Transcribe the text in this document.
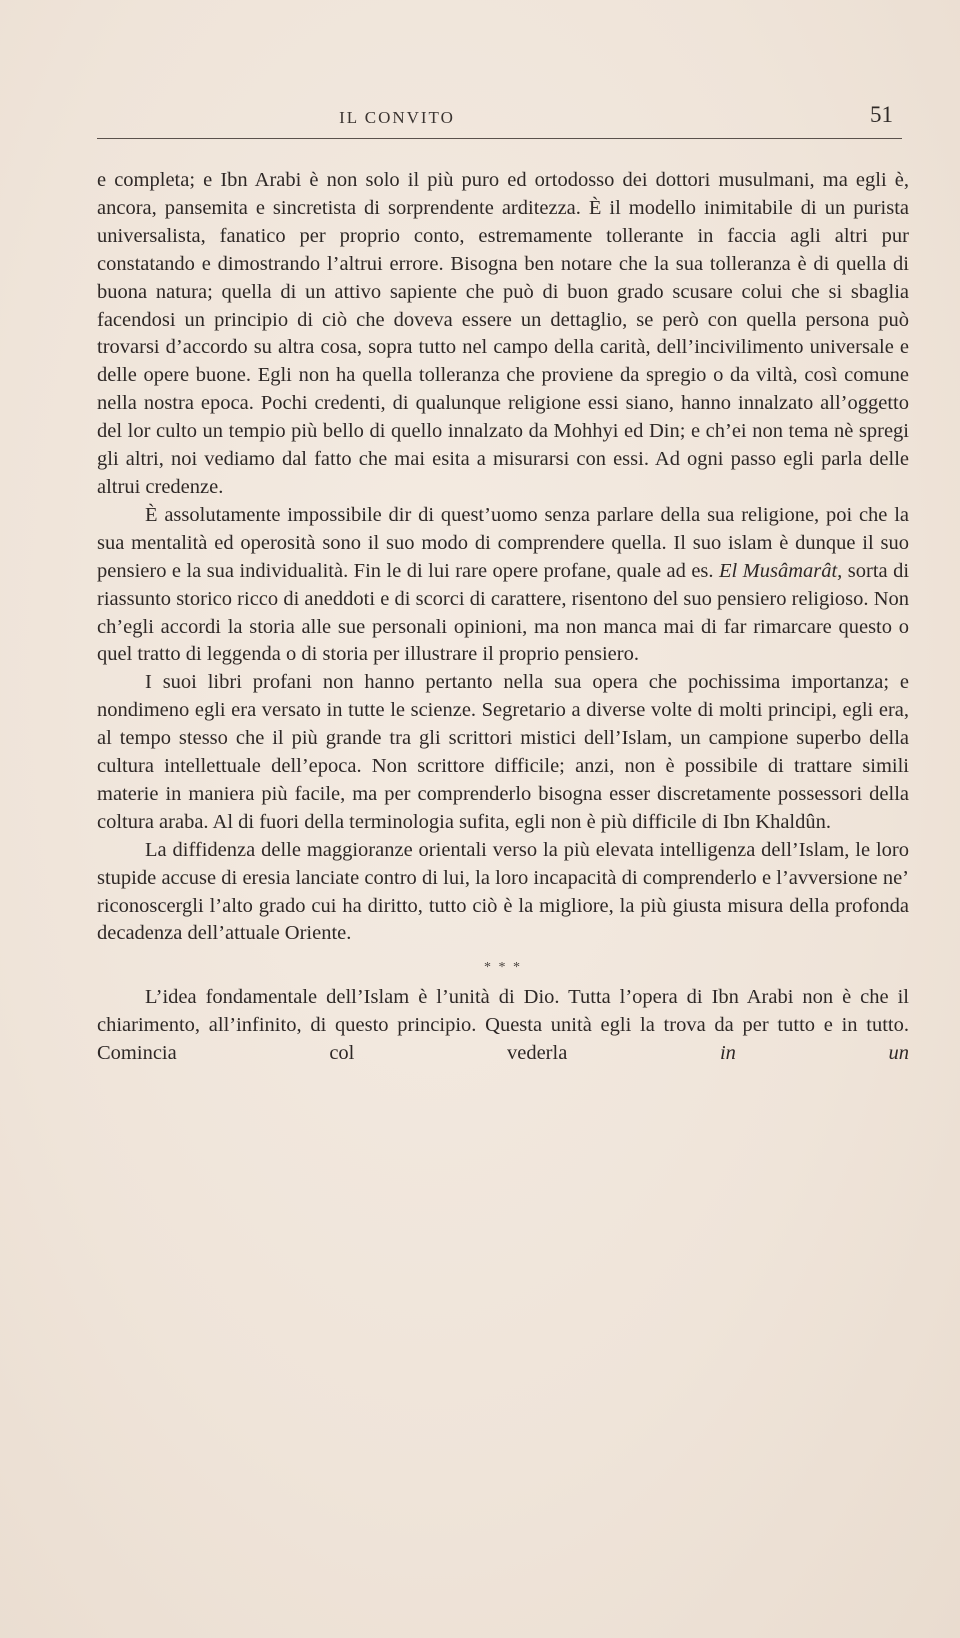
IL CONVITO	51

e completa; e Ibn Arabi è non solo il più puro ed ortodosso dei dottori musulmani, ma egli è, ancora, pansemita e sincretista di sorprendente arditezza. È il modello inimitabile di un purista universalista, fanatico per proprio conto, estremamente tollerante in faccia agli altri pur constatando e dimostrando l’altrui errore. Bisogna ben notare che la sua tolleranza è di quella di buona natura; quella di un attivo sapiente che può di buon grado scusare colui che si sbaglia facendosi un principio di ciò che doveva essere un dettaglio, se però con quella persona può trovarsi d’accordo su altra cosa, sopra tutto nel campo della carità, dell’incivilimento universale e delle opere buone. Egli non ha quella tolleranza che proviene da spregio o da viltà, così comune nella nostra epoca. Pochi credenti, di qualunque religione essi siano, hanno innalzato all’oggetto del lor culto un tempio più bello di quello innalzato da Mohhyi ed Din; e ch’ei non tema nè spregi gli altri, noi vediamo dal fatto che mai esita a misurarsi con essi. Ad ogni passo egli parla delle altrui credenze.

È assolutamente impossibile dir di quest’uomo senza parlare della sua religione, poi che la sua mentalità ed operosità sono il suo modo di comprendere quella. Il suo islam è dunque il suo pensiero e la sua individualità. Fin le di lui rare opere profane, quale ad es. El Musâmarât, sorta di riassunto storico ricco di aneddoti e di scorci di carattere, risentono del suo pensiero religioso. Non ch’egli accordi la storia alle sue personali opinioni, ma non manca mai di far rimarcare questo o quel tratto di leggenda o di storia per illustrare il proprio pensiero.

I suoi libri profani non hanno pertanto nella sua opera che pochissima importanza; e nondimeno egli era versato in tutte le scienze. Segretario a diverse volte di molti principi, egli era, al tempo stesso che il più grande tra gli scrittori mistici dell’Islam, un campione superbo della cultura intellettuale dell’epoca. Non scrittore difficile; anzi, non è possibile di trattare simili materie in maniera più facile, ma per comprenderlo bisogna esser discretamente possessori della coltura araba. Al di fuori della terminologia sufita, egli non è più difficile di Ibn Khaldûn.

La diffidenza delle maggioranze orientali verso la più elevata intelligenza dell’Islam, le loro stupide accuse di eresia lanciate contro di lui, la loro incapacità di comprenderlo e l’avversione ne’ riconoscergli l’alto grado cui ha diritto, tutto ciò è la migliore, la più giusta misura della profonda decadenza dell’attuale Oriente.

* * *

L’idea fondamentale dell’Islam è l’unità di Dio. Tutta l’opera di Ibn Arabi non è che il chiarimento, all’infinito, di questo principio. Questa unità egli la trova da per tutto e in tutto. Comincia col vederla	in un
